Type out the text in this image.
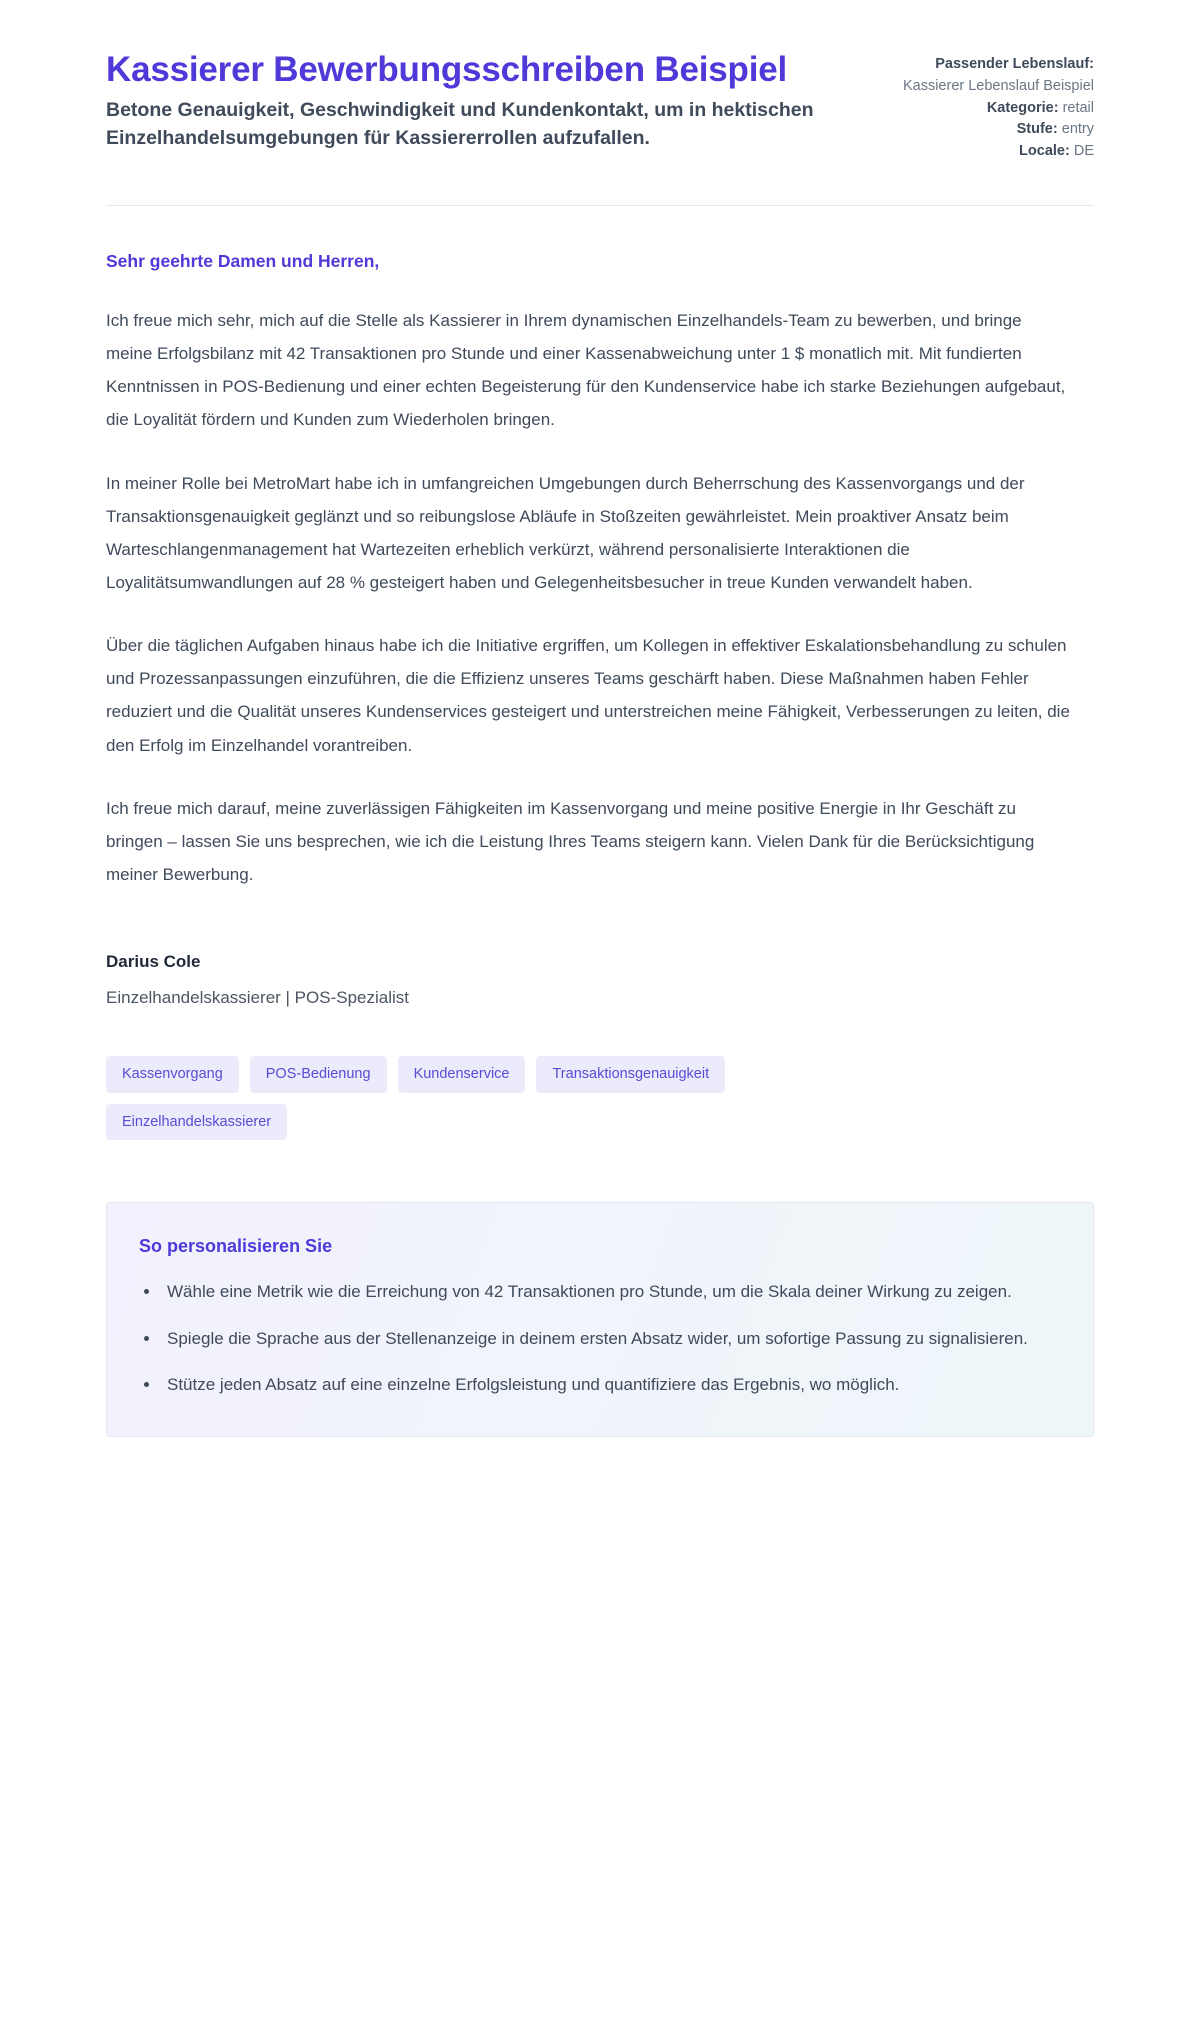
Kassierer Bewerbungsschreiben Beispiel

Betone Genauigkeit, Geschwindigkeit und Kundenkontakt, um in hektischen Einzelhandelsumgebungen für Kassiererrollen aufzufallen.

Passender Lebenslauf: Kassierer Lebenslauf Beispiel
Kategorie: retail
Stufe: entry
Locale: DE

Sehr geehrte Damen und Herren,

Ich freue mich sehr, mich auf die Stelle als Kassierer in Ihrem dynamischen Einzelhandels-Team zu bewerben, und bringe meine Erfolgsbilanz mit 42 Transaktionen pro Stunde und einer Kassenabweichung unter 1 $ monatlich mit. Mit fundierten Kenntnissen in POS-Bedienung und einer echten Begeisterung für den Kundenservice habe ich starke Beziehungen aufgebaut, die Loyalität fördern und Kunden zum Wiederholen bringen.

In meiner Rolle bei MetroMart habe ich in umfangreichen Umgebungen durch Beherrschung des Kassenvorgangs und der Transaktionsgenauigkeit geglänzt und so reibungslose Abläufe in Stoßzeiten gewährleistet. Mein proaktiver Ansatz beim Warteschlangenmanagement hat Wartezeiten erheblich verkürzt, während personalisierte Interaktionen die Loyalitätsumwandlungen auf 28 % gesteigert haben und Gelegenheitsbesucher in treue Kunden verwandelt haben.

Über die täglichen Aufgaben hinaus habe ich die Initiative ergriffen, um Kollegen in effektiver Eskalationsbehandlung zu schulen und Prozessanpassungen einzuführen, die die Effizienz unseres Teams geschärft haben. Diese Maßnahmen haben Fehler reduziert und die Qualität unseres Kundenservices gesteigert und unterstreichen meine Fähigkeit, Verbesserungen zu leiten, die den Erfolg im Einzelhandel vorantreiben.

Ich freue mich darauf, meine zuverlässigen Fähigkeiten im Kassenvorgang und meine positive Energie in Ihr Geschäft zu bringen – lassen Sie uns besprechen, wie ich die Leistung Ihres Teams steigern kann. Vielen Dank für die Berücksichtigung meiner Bewerbung.

Darius Cole

Einzelhandelskassierer | POS-Spezialist

Kassenvorgang	POS-Bedienung	Kundenservice	Transaktionsgenauigkeit
Einzelhandelskassierer

So personalisieren Sie

• Wähle eine Metrik wie die Erreichung von 42 Transaktionen pro Stunde, um die Skala deiner Wirkung zu zeigen.
• Spiegle die Sprache aus der Stellenanzeige in deinem ersten Absatz wider, um sofortige Passung zu signalisieren.
• Stütze jeden Absatz auf eine einzelne Erfolgsleistung und quantifiziere das Ergebnis, wo möglich.
